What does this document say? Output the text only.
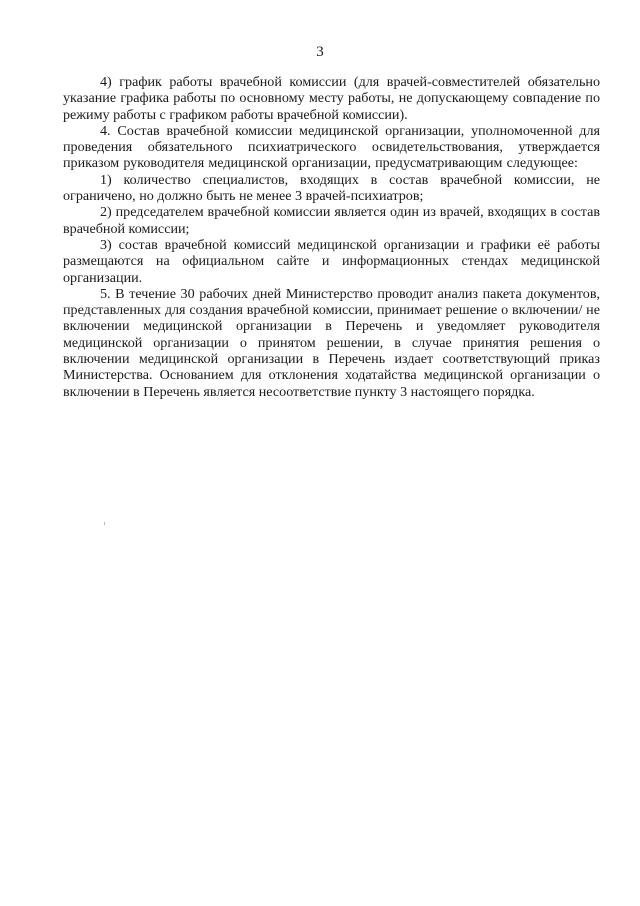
3

4) график работы врачебной комиссии (для врачей-совместителей обязательно указание графика работы по основному месту работы, не допускающему совпадение по режиму работы с графиком работы врачебной комиссии).

4. Состав врачебной комиссии медицинской организации, уполномоченной для проведения обязательного психиатрического освидетельствования, утверждается приказом руководителя медицинской организации, предусматривающим следующее:

1) количество специалистов, входящих в состав врачебной комиссии, не ограничено, но должно быть не менее 3 врачей-психиатров;

2) председателем врачебной комиссии является один из врачей, входящих в состав врачебной комиссии;

3) состав врачебной комиссий медицинской организации и графики её работы размещаются на официальном сайте и информационных стендах медицинской организации.

5. В течение 30 рабочих дней Министерство проводит анализ пакета документов, представленных для создания врачебной комиссии, принимает решение о включении/ не включении медицинской организации в Перечень и уведомляет руководителя медицинской организации о принятом решении, в случае принятия решения о включении медицинской организации в Перечень издает соответствующий приказ Министерства. Основанием для отклонения ходатайства медицинской организации о включении в Перечень является несоответствие пункту 3 настоящего порядка.
